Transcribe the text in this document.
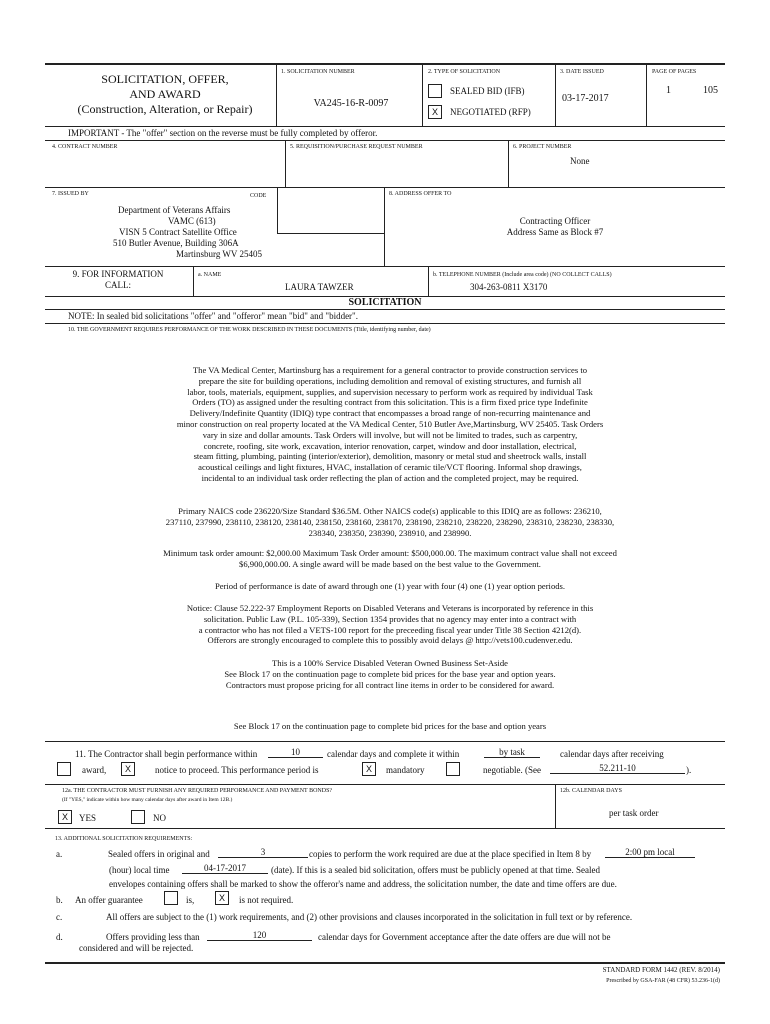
SOLICITATION, OFFER,
AND AWARD
(Construction, Alteration, or Repair)
1. SOLICITATION NUMBER
VA245-16-R-0097
2. TYPE OF SOLICITATION
SEALED BID (IFB)
X	NEGOTIATED (RFP)
3. DATE ISSUED
03-17-2017
PAGE OF PAGES
1	105
IMPORTANT - The "offer" section on the reverse must be fully completed by offeror.
4. CONTRACT NUMBER	5. REQUISITION/PURCHASE REQUEST NUMBER	6. PROJECT NUMBER
None
7. ISSUED BY	CODE
Department of Veterans Affairs
VAMC (613)
VISN 5 Contract Satellite Office
510 Butler Avenue, Building 306A
Martinsburg WV 25405
8. ADDRESS OFFER TO
Contracting Officer
Address Same as Block #7
9. FOR INFORMATION
CALL:
a. NAME
LAURA TAWZER
b. TELEPHONE NUMBER (Include area code) (NO COLLECT CALLS)
304-263-0811 X3170
SOLICITATION
NOTE: In sealed bid solicitations "offer" and "offeror" mean "bid" and "bidder".
10. THE GOVERNMENT REQUIRES PERFORMANCE OF THE WORK DESCRIBED IN THESE DOCUMENTS (Title, identifying number, date)
The VA Medical Center, Martinsburg has a requirement for a general contractor to provide construction services to
prepare the site for building operations, including demolition and removal of existing structures, and furnish all
labor, tools, materials, equipment, supplies, and supervision necessary to perform work as required by individual Task
Orders (TO) as assigned under the resulting contract from this solicitation. This is a firm fixed price type Indefinite
Delivery/Indefinite Quantity (IDIQ) type contract that encompasses a broad range of non-recurring maintenance and
minor construction on real property located at the VA Medical Center, 510 Butler Ave,Martinsburg, WV 25405. Task Orders
vary in size and dollar amounts. Task Orders will involve, but will not be limited to trades, such as carpentry,
concrete, roofing, site work, excavation, interior renovation, carpet, window and door installation, electrical,
steam fitting, plumbing, painting (interior/exterior), demolition, masonry or metal stud and sheetrock walls, install
acoustical ceilings and light fixtures, HVAC, installation of ceramic tile/VCT flooring. Informal shop drawings,
incidental to an individual task order reflecting the plan of action and the completed project, may be required.
Primary NAICS code 236220/Size Standard $36.5M. Other NAICS code(s) applicable to this IDIQ are as follows: 236210,
237110, 237990, 238110, 238120, 238140, 238150, 238160, 238170, 238190, 238210, 238220, 238290, 238310, 238230, 238330,
238340, 238350, 238390, 238910, and 238990.
Minimum task order amount: $2,000.00 Maximum Task Order amount: $500,000.00. The maximum contract value shall not exceed
$6,900,000.00. A single award will be made based on the best value to the Government.
Period of performance is date of award through one (1) year with four (4) one (1) year option periods.
Notice: Clause 52.222-37 Employment Reports on Disabled Veterans and Veterans is incorporated by reference in this
solicitation. Public Law (P.L. 105-339), Section 1354 provides that no agency may enter into a contract with
a contractor who has not filed a VETS-100 report for the preceeding fiscal year under Title 38 Section 4212(d).
Offerors are strongly encouraged to complete this to possibly avoid delays @ http://vets100.cudenver.edu.
This is a 100% Service Disabled Veteran Owned Business Set-Aside
See Block 17 on the continuation page to complete bid prices for the base year and option years.
Contractors must propose pricing for all contract line items in order to be considered for award.
See Block 17 on the continuation page to complete bid prices for the base and option years
11. The Contractor shall begin performance within	10	calendar days and complete it within	by task	calendar days after receiving
award,	X	notice to proceed. This performance period is	X	mandatory	negotiable. (See	52.211-10	).
12a. THE CONTRACTOR MUST FURNISH ANY REQUIRED PERFORMANCE AND PAYMENT BONDS?
(If "YES," indicate within how many calendar days after award in Item 12B.)
X	YES	NO
12b. CALENDAR DAYS
per task order
13. ADDITIONAL SOLICITATION REQUIREMENTS:
a.	Sealed offers in original and	3	copies to perform the work required are due at the place specified in Item 8 by	2:00 pm local
(hour) local time	04-17-2017	(date). If this is a sealed bid solicitation, offers must be publicly opened at that time. Sealed
envelopes containing offers shall be marked to show the offeror's name and address, the solicitation number, the date and time offers are due.
b. An offer guarantee	is,	X	is not required.
c.	All offers are subject to the (1) work requirements, and (2) other provisions and clauses incorporated in the solicitation in full text or by reference.
d.	Offers providing less than	120	calendar days for Government acceptance after the date offers are due will not be
considered and will be rejected.
STANDARD FORM 1442 (REV. 8/2014)
Prescribed by GSA-FAR (48 CFR) 53.236-1(d)
